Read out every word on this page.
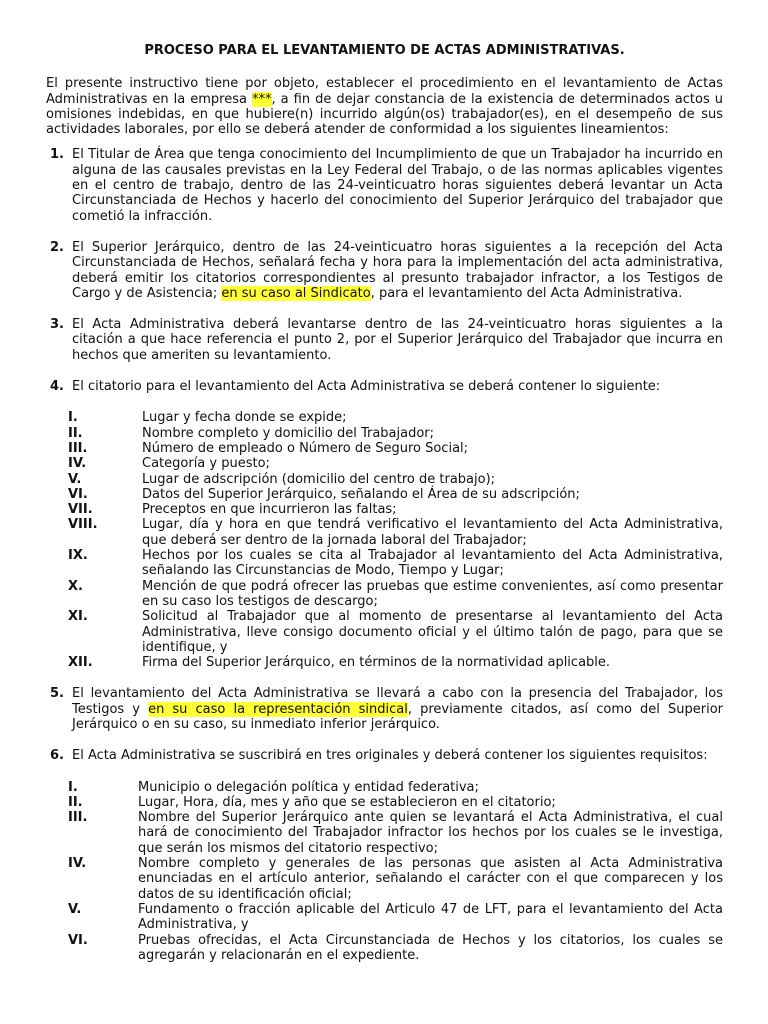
PROCESO PARA EL LEVANTAMIENTO DE ACTAS ADMINISTRATIVAS.

El presente instructivo tiene por objeto, establecer el procedimiento en el levantamiento de Actas Administrativas en la empresa ***, a fin de dejar constancia de la existencia de determinados actos u omisiones indebidas, en que hubiere(n) incurrido algún(os) trabajador(es), en el desempeño de sus actividades laborales, por ello se deberá atender de conformidad a los siguientes lineamientos:

1. El Titular de Área que tenga conocimiento del Incumplimiento de que un Trabajador ha incurrido en alguna de las causales previstas en la Ley Federal del Trabajo, o de las normas aplicables vigentes en el centro de trabajo, dentro de las 24-veinticuatro horas siguientes deberá levantar un Acta Circunstanciada de Hechos y hacerlo del conocimiento del Superior Jerárquico del trabajador que cometió la infracción.
2. El Superior Jerárquico, dentro de las 24-veinticuatro horas siguientes a la recepción del Acta Circunstanciada de Hechos, señalará fecha y hora para la implementación del acta administrativa, deberá emitir los citatorios correspondientes al presunto trabajador infractor, a los Testigos de Cargo y de Asistencia; en su caso al Sindicato, para el levantamiento del Acta Administrativa.
3. El Acta Administrativa deberá levantarse dentro de las 24-veinticuatro horas siguientes a la citación a que hace referencia el punto 2, por el Superior Jerárquico del Trabajador que incurra en hechos que ameriten su levantamiento.
4. El citatorio para el levantamiento del Acta Administrativa se deberá contener lo siguiente:
I.	Lugar y fecha donde se expide;
II.	Nombre completo y domicilio del Trabajador;
III.	Número de empleado o Número de Seguro Social;
IV.	Categoría y puesto;
V.	Lugar de adscripción (domicilio del centro de trabajo);
VI.	Datos del Superior Jerárquico, señalando el Área de su adscripción;
VII.	Preceptos en que incurrieron las faltas;
VIII.	Lugar, día y hora en que tendrá verificativo el levantamiento del Acta Administrativa, que deberá ser dentro de la jornada laboral del Trabajador;
IX.	Hechos por los cuales se cita al Trabajador al levantamiento del Acta Administrativa, señalando las Circunstancias de Modo, Tiempo y Lugar;
X.	Mención de que podrá ofrecer las pruebas que estime convenientes, así como presentar en su caso los testigos de descargo;
XI.	Solicitud al Trabajador que al momento de presentarse al levantamiento del Acta Administrativa, lleve consigo documento oficial y el último talón de pago, para que se identifique, y
XII.	Firma del Superior Jerárquico, en términos de la normatividad aplicable.
5. El levantamiento del Acta Administrativa se llevará a cabo con la presencia del Trabajador, los Testigos y en su caso la representación sindical, previamente citados, así como del Superior Jerárquico o en su caso, su inmediato inferior jerárquico.
6. El Acta Administrativa se suscribirá en tres originales y deberá contener los siguientes requisitos:
I.	Municipio o delegación política y entidad federativa;
II.	Lugar, Hora, día, mes y año que se establecieron en el citatorio;
III.	Nombre del Superior Jerárquico ante quien se levantará el Acta Administrativa, el cual hará de conocimiento del Trabajador infractor los hechos por los cuales se le investiga, que serán los mismos del citatorio respectivo;
IV.	Nombre completo y generales de las personas que asisten al Acta Administrativa enunciadas en el artículo anterior, señalando el carácter con el que comparecen y los datos de su identificación oficial;
V.	Fundamento o fracción aplicable del Articulo 47 de LFT, para el levantamiento del Acta Administrativa, y
VI.	Pruebas ofrecidas, el Acta Circunstanciada de Hechos y los citatorios, los cuales se agregarán y relacionarán en el expediente.
